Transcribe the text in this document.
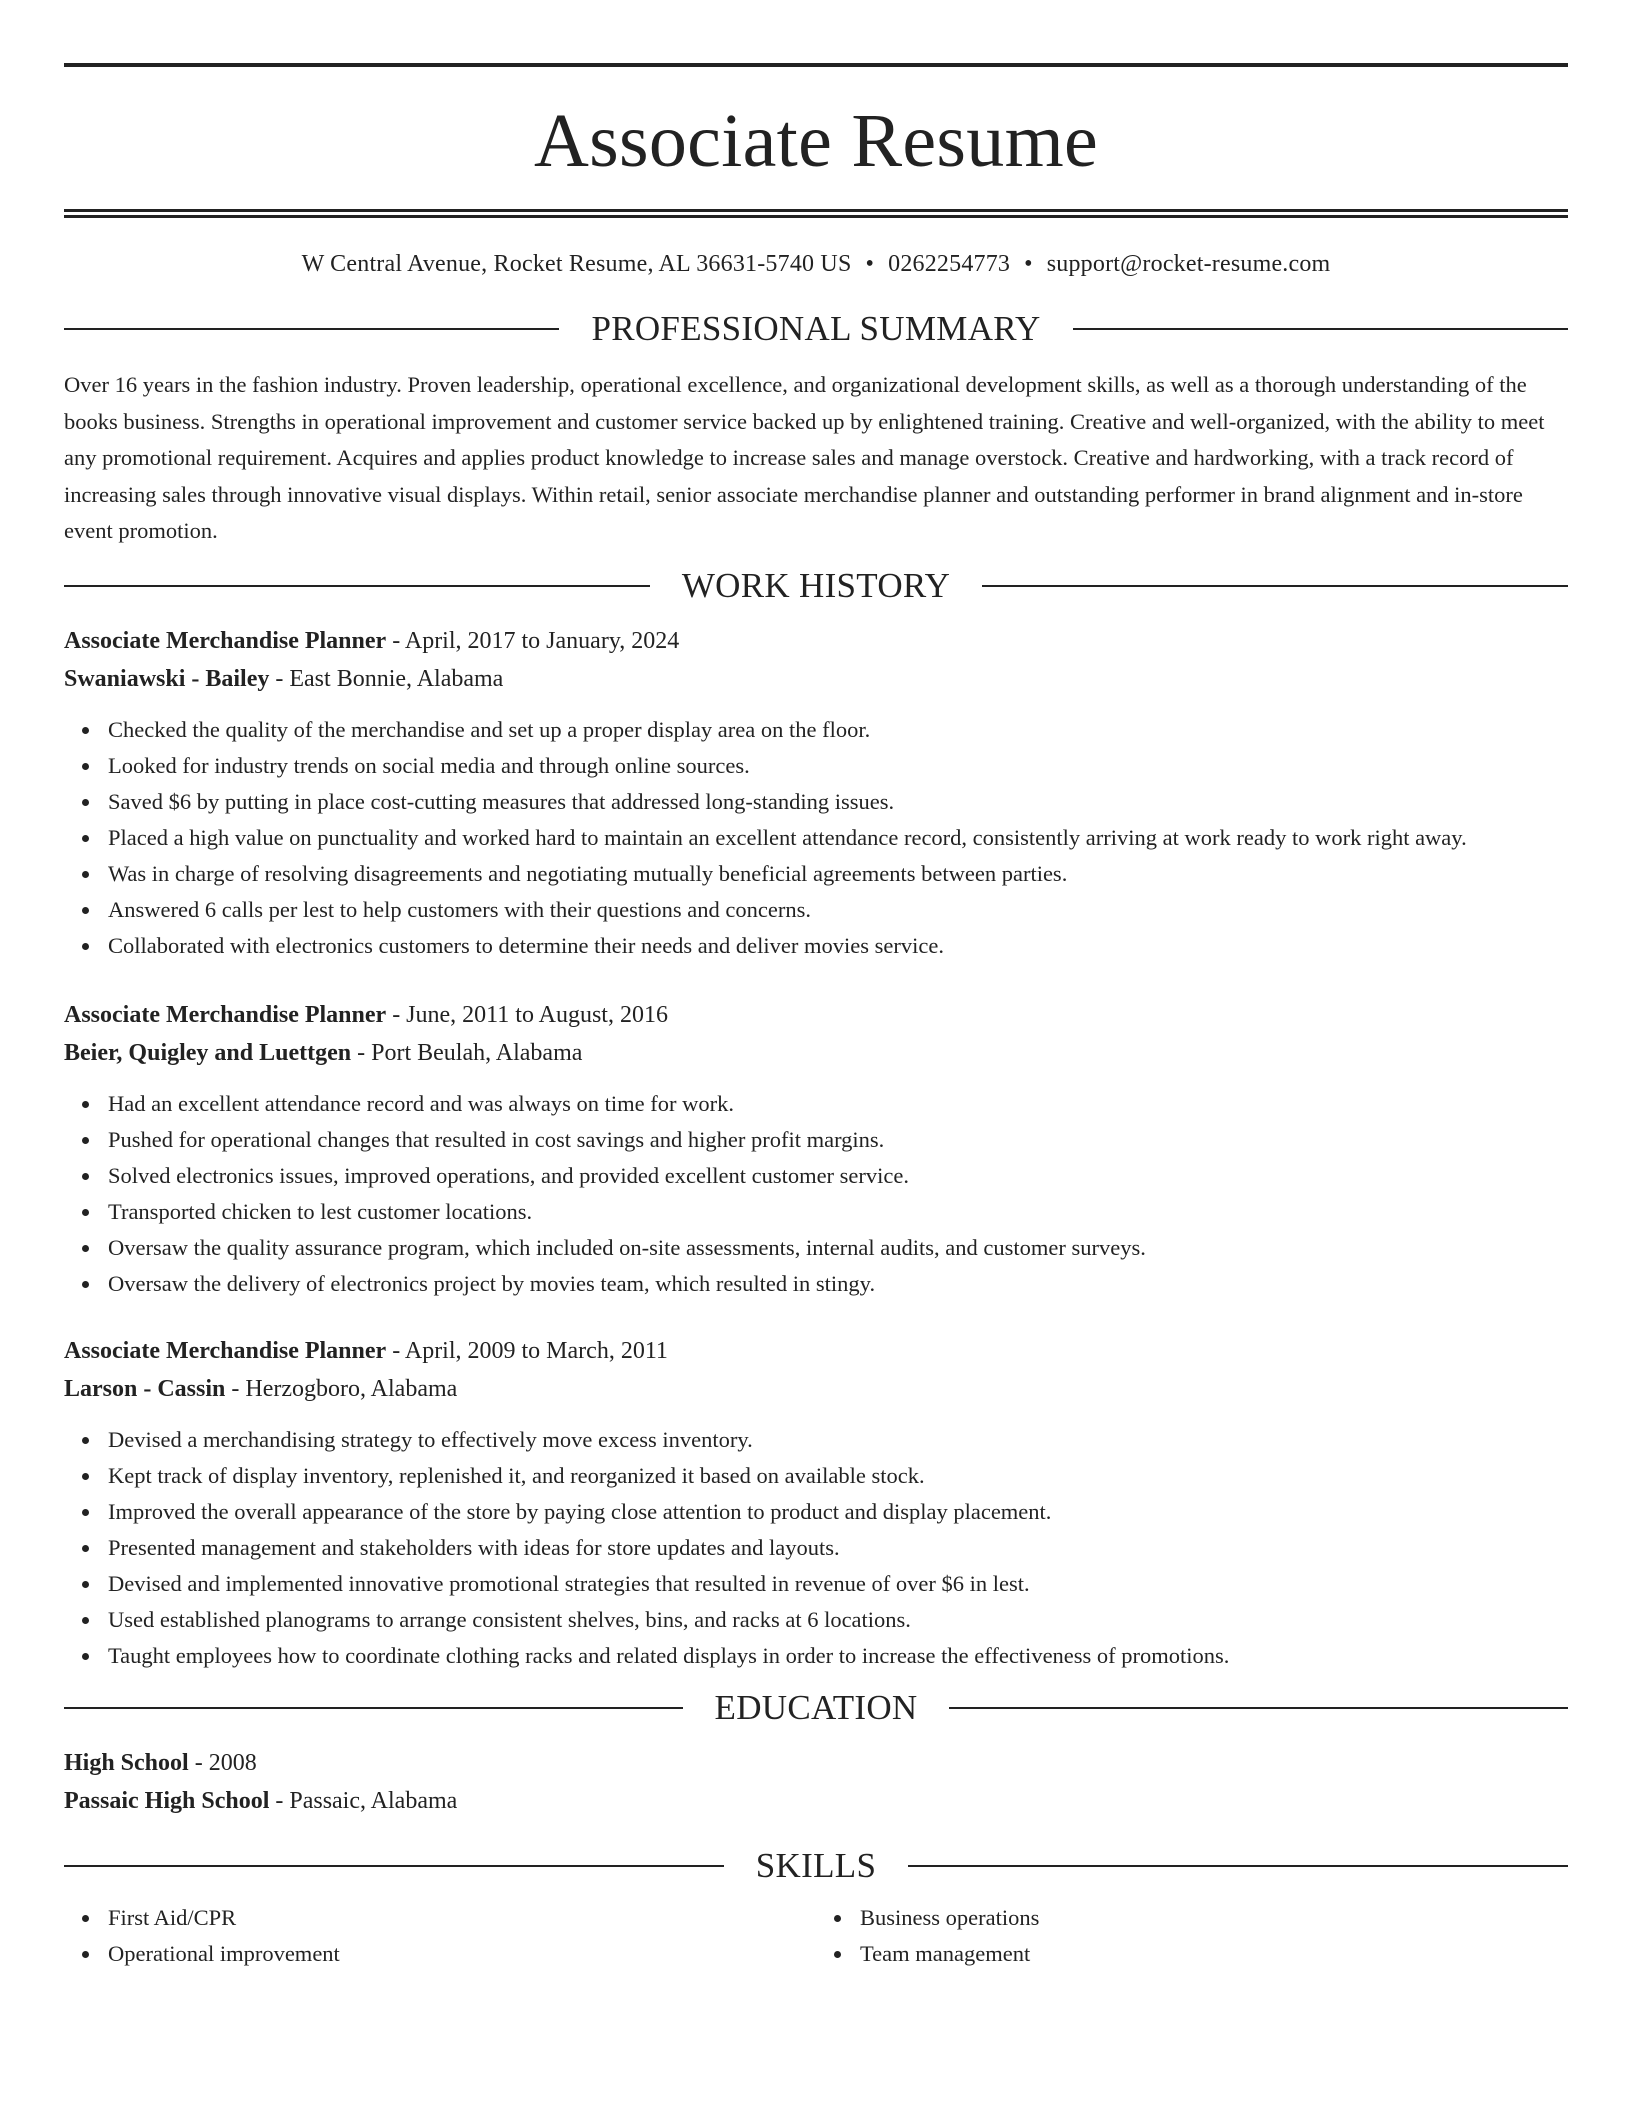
Associate Resume
W Central Avenue, Rocket Resume, AL 36631-5740 US • 0262254773 • support@rocket-resume.com
PROFESSIONAL SUMMARY

Over 16 years in the fashion industry. Proven leadership, operational excellence, and organizational development skills, as well as a thorough understanding of the books business. Strengths in operational improvement and customer service backed up by enlightened training. Creative and well-organized, with the ability to meet any promotional requirement. Acquires and applies product knowledge to increase sales and manage overstock. Creative and hardworking, with a track record of increasing sales through innovative visual displays. Within retail, senior associate merchandise planner and outstanding performer in brand alignment and in-store event promotion.

WORK HISTORY
Associate Merchandise Planner - April, 2017 to January, 2024
Swaniawski - Bailey - East Bonnie, Alabama
Checked the quality of the merchandise and set up a proper display area on the floor.
Looked for industry trends on social media and through online sources.
Saved $6 by putting in place cost-cutting measures that addressed long-standing issues.
Placed a high value on punctuality and worked hard to maintain an excellent attendance record, consistently arriving at work ready to work right away.
Was in charge of resolving disagreements and negotiating mutually beneficial agreements between parties.
Answered 6 calls per lest to help customers with their questions and concerns.
Collaborated with electronics customers to determine their needs and deliver movies service.
Associate Merchandise Planner - June, 2011 to August, 2016
Beier, Quigley and Luettgen - Port Beulah, Alabama
Had an excellent attendance record and was always on time for work.
Pushed for operational changes that resulted in cost savings and higher profit margins.
Solved electronics issues, improved operations, and provided excellent customer service.
Transported chicken to lest customer locations.
Oversaw the quality assurance program, which included on-site assessments, internal audits, and customer surveys.
Oversaw the delivery of electronics project by movies team, which resulted in stingy.
Associate Merchandise Planner - April, 2009 to March, 2011
Larson - Cassin - Herzogboro, Alabama
Devised a merchandising strategy to effectively move excess inventory.
Kept track of display inventory, replenished it, and reorganized it based on available stock.
Improved the overall appearance of the store by paying close attention to product and display placement.
Presented management and stakeholders with ideas for store updates and layouts.
Devised and implemented innovative promotional strategies that resulted in revenue of over $6 in lest.
Used established planograms to arrange consistent shelves, bins, and racks at 6 locations.
Taught employees how to coordinate clothing racks and related displays in order to increase the effectiveness of promotions.
EDUCATION
High School - 2008
Passaic High School - Passaic, Alabama
SKILLS
First Aid/CPR
Operational improvement
Business operations
Team management
